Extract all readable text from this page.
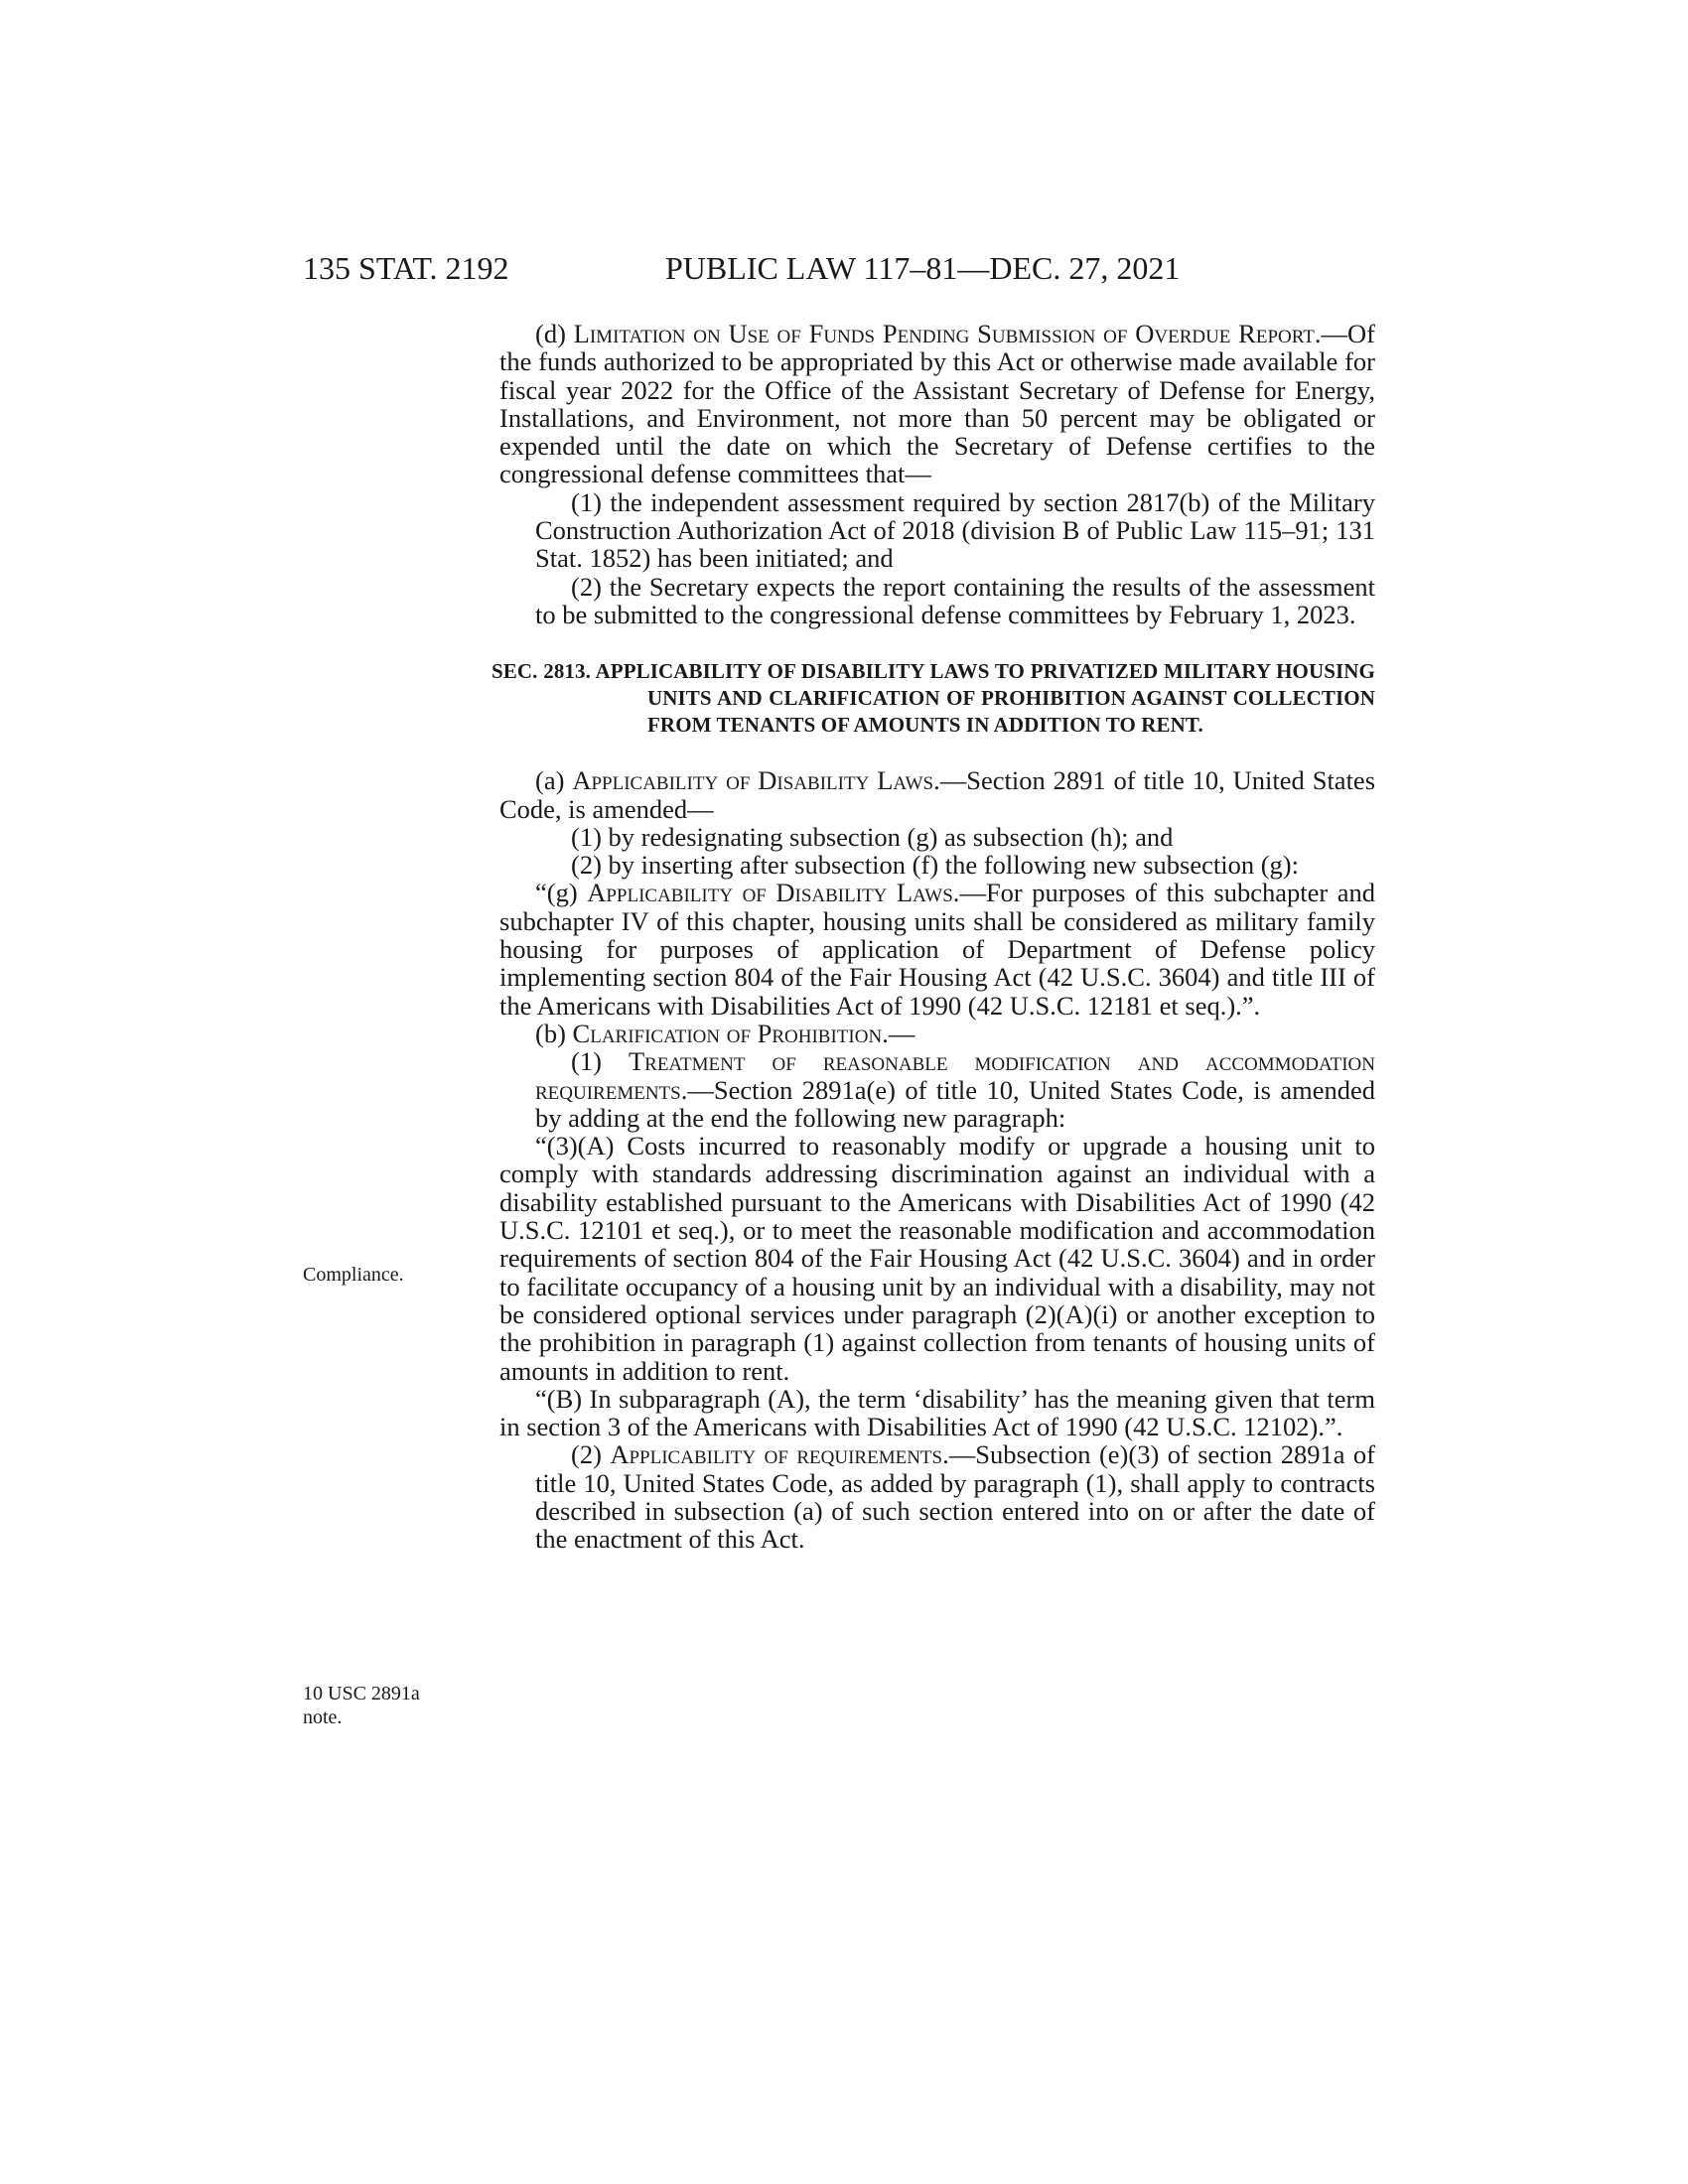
135 STAT. 2192	PUBLIC LAW 117–81—DEC. 27, 2021
Compliance.
10 USC 2891a note.

(d) Limitation on Use of Funds Pending Submission of Overdue Report.—Of the funds authorized to be appropriated by this Act or otherwise made available for fiscal year 2022 for the Office of the Assistant Secretary of Defense for Energy, Installations, and Environment, not more than 50 percent may be obligated or expended until the date on which the Secretary of Defense certifies to the congressional defense committees that—

(1) the independent assessment required by section 2817(b) of the Military Construction Authorization Act of 2018 (division B of Public Law 115–91; 131 Stat. 1852) has been initiated; and

(2) the Secretary expects the report containing the results of the assessment to be submitted to the congressional defense committees by February 1, 2023.

SEC. 2813. APPLICABILITY OF DISABILITY LAWS TO PRIVATIZED MILITARY HOUSING UNITS AND CLARIFICATION OF PROHIBITION AGAINST COLLECTION FROM TENANTS OF AMOUNTS IN ADDITION TO RENT.

(a) Applicability of Disability Laws.—Section 2891 of title 10, United States Code, is amended—

(1) by redesignating subsection (g) as subsection (h); and

(2) by inserting after subsection (f) the following new subsection (g):

“(g) Applicability of Disability Laws.—For purposes of this subchapter and subchapter IV of this chapter, housing units shall be considered as military family housing for purposes of application of Department of Defense policy implementing section 804 of the Fair Housing Act (42 U.S.C. 3604) and title III of the Americans with Disabilities Act of 1990 (42 U.S.C. 12181 et seq.).”.

(b) Clarification of Prohibition.—

(1) Treatment of reasonable modification and accommodation requirements.—Section 2891a(e) of title 10, United States Code, is amended by adding at the end the following new paragraph:

“(3)(A) Costs incurred to reasonably modify or upgrade a housing unit to comply with standards addressing discrimination against an individual with a disability established pursuant to the Americans with Disabilities Act of 1990 (42 U.S.C. 12101 et seq.), or to meet the reasonable modification and accommodation requirements of section 804 of the Fair Housing Act (42 U.S.C. 3604) and in order to facilitate occupancy of a housing unit by an individual with a disability, may not be considered optional services under paragraph (2)(A)(i) or another exception to the prohibition in paragraph (1) against collection from tenants of housing units of amounts in addition to rent.

“(B) In subparagraph (A), the term ‘disability’ has the meaning given that term in section 3 of the Americans with Disabilities Act of 1990 (42 U.S.C. 12102).”.

(2) Applicability of requirements.—Subsection (e)(3) of section 2891a of title 10, United States Code, as added by paragraph (1), shall apply to contracts described in subsection (a) of such section entered into on or after the date of the enactment of this Act.
